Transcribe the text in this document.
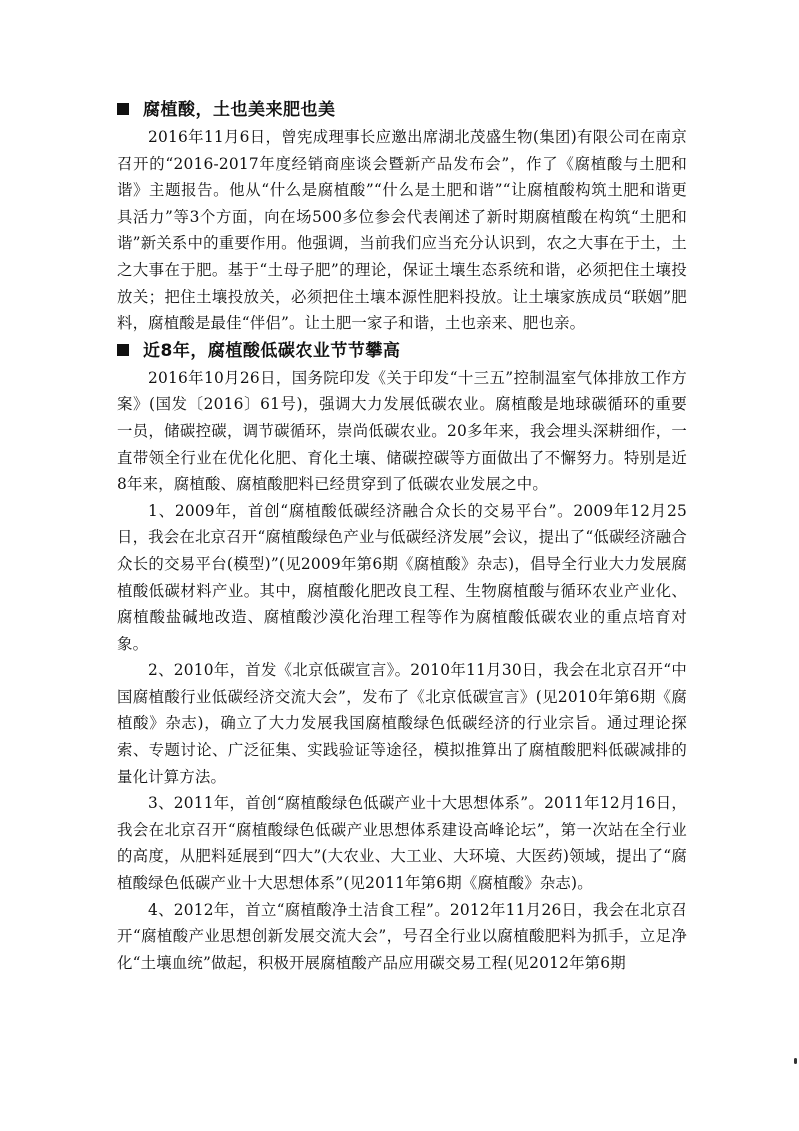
腐植酸，土也美来肥也美

2016年11月6日，曾宪成理事长应邀出席湖北茂盛生物(集团)有限公司在南京召开的“2016-2017年度经销商座谈会暨新产品发布会”，作了《腐植酸与土肥和谐》主题报告。他从“什么是腐植酸”“什么是土肥和谐”“让腐植酸构筑土肥和谐更具活力”等3个方面，向在场500多位参会代表阐述了新时期腐植酸在构筑“土肥和谐”新关系中的重要作用。他强调，当前我们应当充分认识到，农之大事在于土，土之大事在于肥。基于“土母子肥”的理论，保证土壤生态系统和谐，必须把住土壤投放关；把住土壤投放关，必须把住土壤本源性肥料投放。让土壤家族成员“联姻”肥料，腐植酸是最佳“伴侣”。让土肥一家子和谐，土也亲来、肥也亲。

近8年，腐植酸低碳农业节节攀高

2016年10月26日，国务院印发《关于印发“十三五”控制温室气体排放工作方案》(国发〔2016〕61号)，强调大力发展低碳农业。腐植酸是地球碳循环的重要一员，储碳控碳，调节碳循环，崇尚低碳农业。20多年来，我会埋头深耕细作，一直带领全行业在优化化肥、育化土壤、储碳控碳等方面做出了不懈努力。特别是近8年来，腐植酸、腐植酸肥料已经贯穿到了低碳农业发展之中。

1、2009年，首创“腐植酸低碳经济融合众长的交易平台”。2009年12月25日，我会在北京召开“腐植酸绿色产业与低碳经济发展”会议，提出了“低碳经济融合众长的交易平台(模型)”(见2009年第6期《腐植酸》杂志)，倡导全行业大力发展腐植酸低碳材料产业。其中，腐植酸化肥改良工程、生物腐植酸与循环农业产业化、腐植酸盐碱地改造、腐植酸沙漠化治理工程等作为腐植酸低碳农业的重点培育对象。

2、2010年，首发《北京低碳宣言》。2010年11月30日，我会在北京召开“中国腐植酸行业低碳经济交流大会”，发布了《北京低碳宣言》(见2010年第6期《腐植酸》杂志)，确立了大力发展我国腐植酸绿色低碳经济的行业宗旨。通过理论探索、专题讨论、广泛征集、实践验证等途径，模拟推算出了腐植酸肥料低碳减排的量化计算方法。

3、2011年，首创“腐植酸绿色低碳产业十大思想体系”。2011年12月16日，我会在北京召开“腐植酸绿色低碳产业思想体系建设高峰论坛”，第一次站在全行业的高度，从肥料延展到“四大”(大农业、大工业、大环境、大医药)领域，提出了“腐植酸绿色低碳产业十大思想体系”(见2011年第6期《腐植酸》杂志)。

4、2012年，首立“腐植酸净土洁食工程”。2012年11月26日，我会在北京召开“腐植酸产业思想创新发展交流大会”，号召全行业以腐植酸肥料为抓手，立足净化“土壤血统”做起，积极开展腐植酸产品应用碳交易工程(见2012年第6期
